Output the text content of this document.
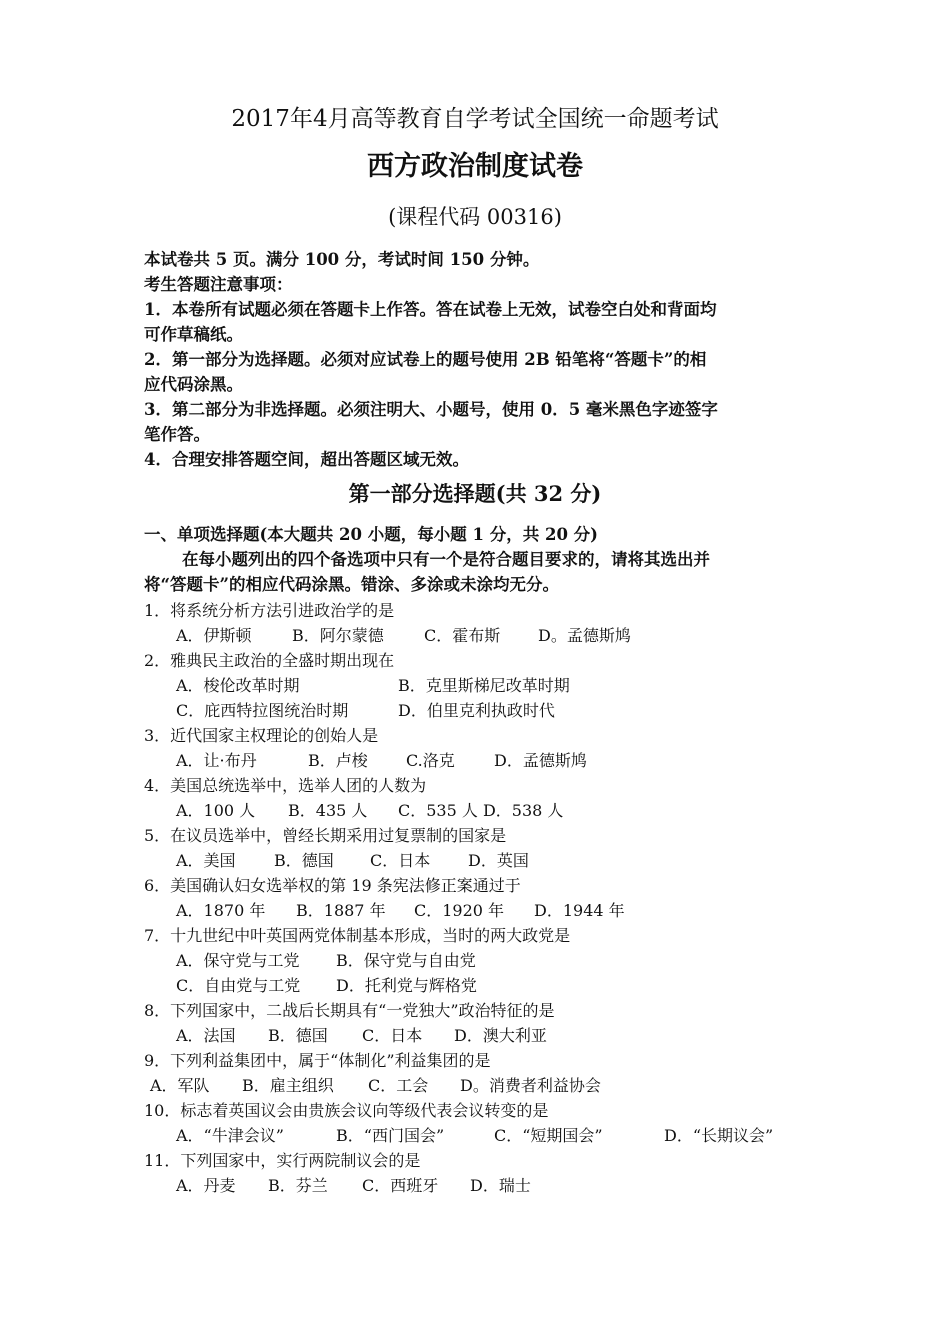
2017年4月高等教育自学考试全国统一命题考试
西方政治制度试卷
(课程代码 00316)
本试卷共 5 页。满分 100 分，考试时间 150 分钟。
考生答题注意事项：
1．本卷所有试题必须在答题卡上作答。答在试卷上无效，试卷空白处和背面均
可作草稿纸。
2．第一部分为选择题。必须对应试卷上的题号使用 2B 铅笔将“答题卡”的相
应代码涂黑。
3．第二部分为非选择题。必须注明大、小题号，使用 0．5 毫米黑色字迹签字
笔作答。
4．合理安排答题空间，超出答题区域无效。
第一部分选择题(共 32 分)
一、单项选择题(本大题共 20 小题，每小题 1 分，共 20 分)
在每小题列出的四个备选项中只有一个是符合题目要求的，请将其选出并
将“答题卡”的相应代码涂黑。错涂、多涂或未涂均无分。
1．将系统分析方法引进政治学的是
A．伊斯顿	B．阿尔蒙德	C．霍布斯 D。孟德斯鸠
2．雅典民主政治的全盛时期出现在
A．梭伦改革时期	B．克里斯梯尼改革时期
C．庇西特拉图统治时期	D．伯里克利执政时代
3．近代国家主权理论的创始人是
A．让·布丹	B．卢梭 C.洛克 D．孟德斯鸠
4．美国总统选举中，选举人团的人数为
A．100 人 B．435 人 C．535 人 D．538 人
5．在议员选举中，曾经长期采用过复票制的国家是
A．美国 B．德国 C．日本 D．英国
6．美国确认妇女选举权的第 19 条宪法修正案通过于
A．1870 年 B．1887 年 C．1920 年 D．1944 年
7．十九世纪中叶英国两党体制基本形成，当时的两大政党是
A．保守党与工党 B．保守党与自由党
C．自由党与工党 D．托利党与辉格党
8．下列国家中，二战后长期具有“一党独大”政治特征的是
A．法国 B．德国 C．日本 D．澳大利亚
9．下列利益集团中，属于“体制化”利益集团的是
A．军队 B．雇主组织 C．工会 D。消费者利益协会
10．标志着英国议会由贵族会议向等级代表会议转变的是
A．“牛津会议”	B．“西门国会”	C．“短期国会”	D．“长期议会”
11．下列国家中，实行两院制议会的是
A．丹麦 B．芬兰 C．西班牙 D．瑞士
